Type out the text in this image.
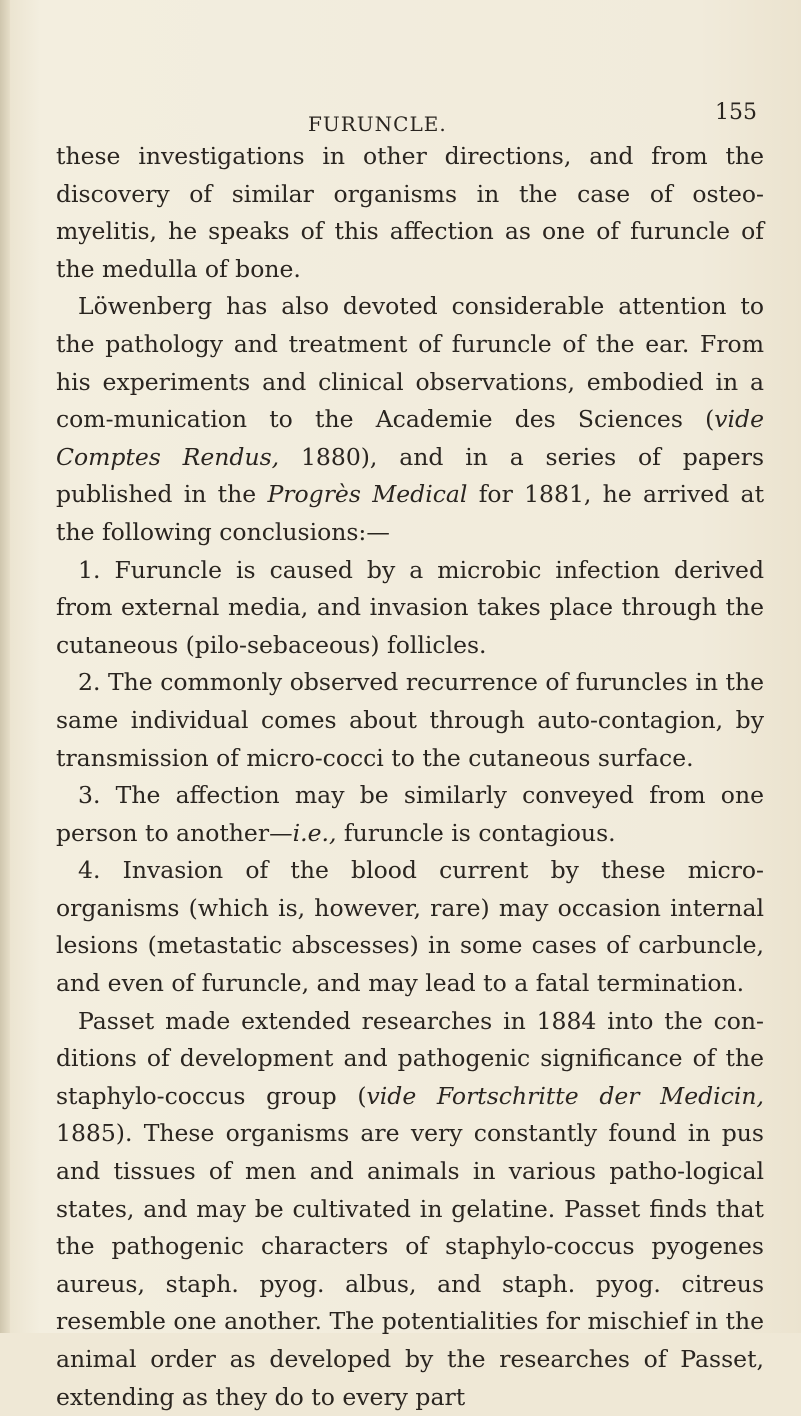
FURUNCLE.	155

these investigations in other directions, and from the discovery of similar organisms in the case of osteo-myelitis, he speaks of this affection as one of furuncle of the medulla of bone.

Löwenberg has also devoted considerable attention to the pathology and treatment of furuncle of the ear. From his experiments and clinical observations, embodied in a com-munication to the Academie des Sciences (vide Comptes Rendus, 1880), and in a series of papers published in the Progrès Medical for 1881, he arrived at the following conclusions:—

1. Furuncle is caused by a microbic infection derived from external media, and invasion takes place through the cutaneous (pilo-sebaceous) follicles.

2. The commonly observed recurrence of furuncles in the same individual comes about through auto-contagion, by transmission of micro-cocci to the cutaneous surface.

3. The affection may be similarly conveyed from one person to another—i.e., furuncle is contagious.

4. Invasion of the blood current by these micro-organisms (which is, however, rare) may occasion internal lesions (metastatic abscesses) in some cases of carbuncle, and even of furuncle, and may lead to a fatal termination.

Passet made extended researches in 1884 into the con-ditions of development and pathogenic significance of the staphylo-coccus group (vide Fortschritte der Medicin, 1885). These organisms are very constantly found in pus and tissues of men and animals in various patho-logical states, and may be cultivated in gelatine. Passet finds that the pathogenic characters of staphylo-coccus pyogenes aureus, staph. pyog. albus, and staph. pyog. citreus resemble one another. The potentialities for mischief in the animal order as developed by the researches of Passet, extending as they do to every part
